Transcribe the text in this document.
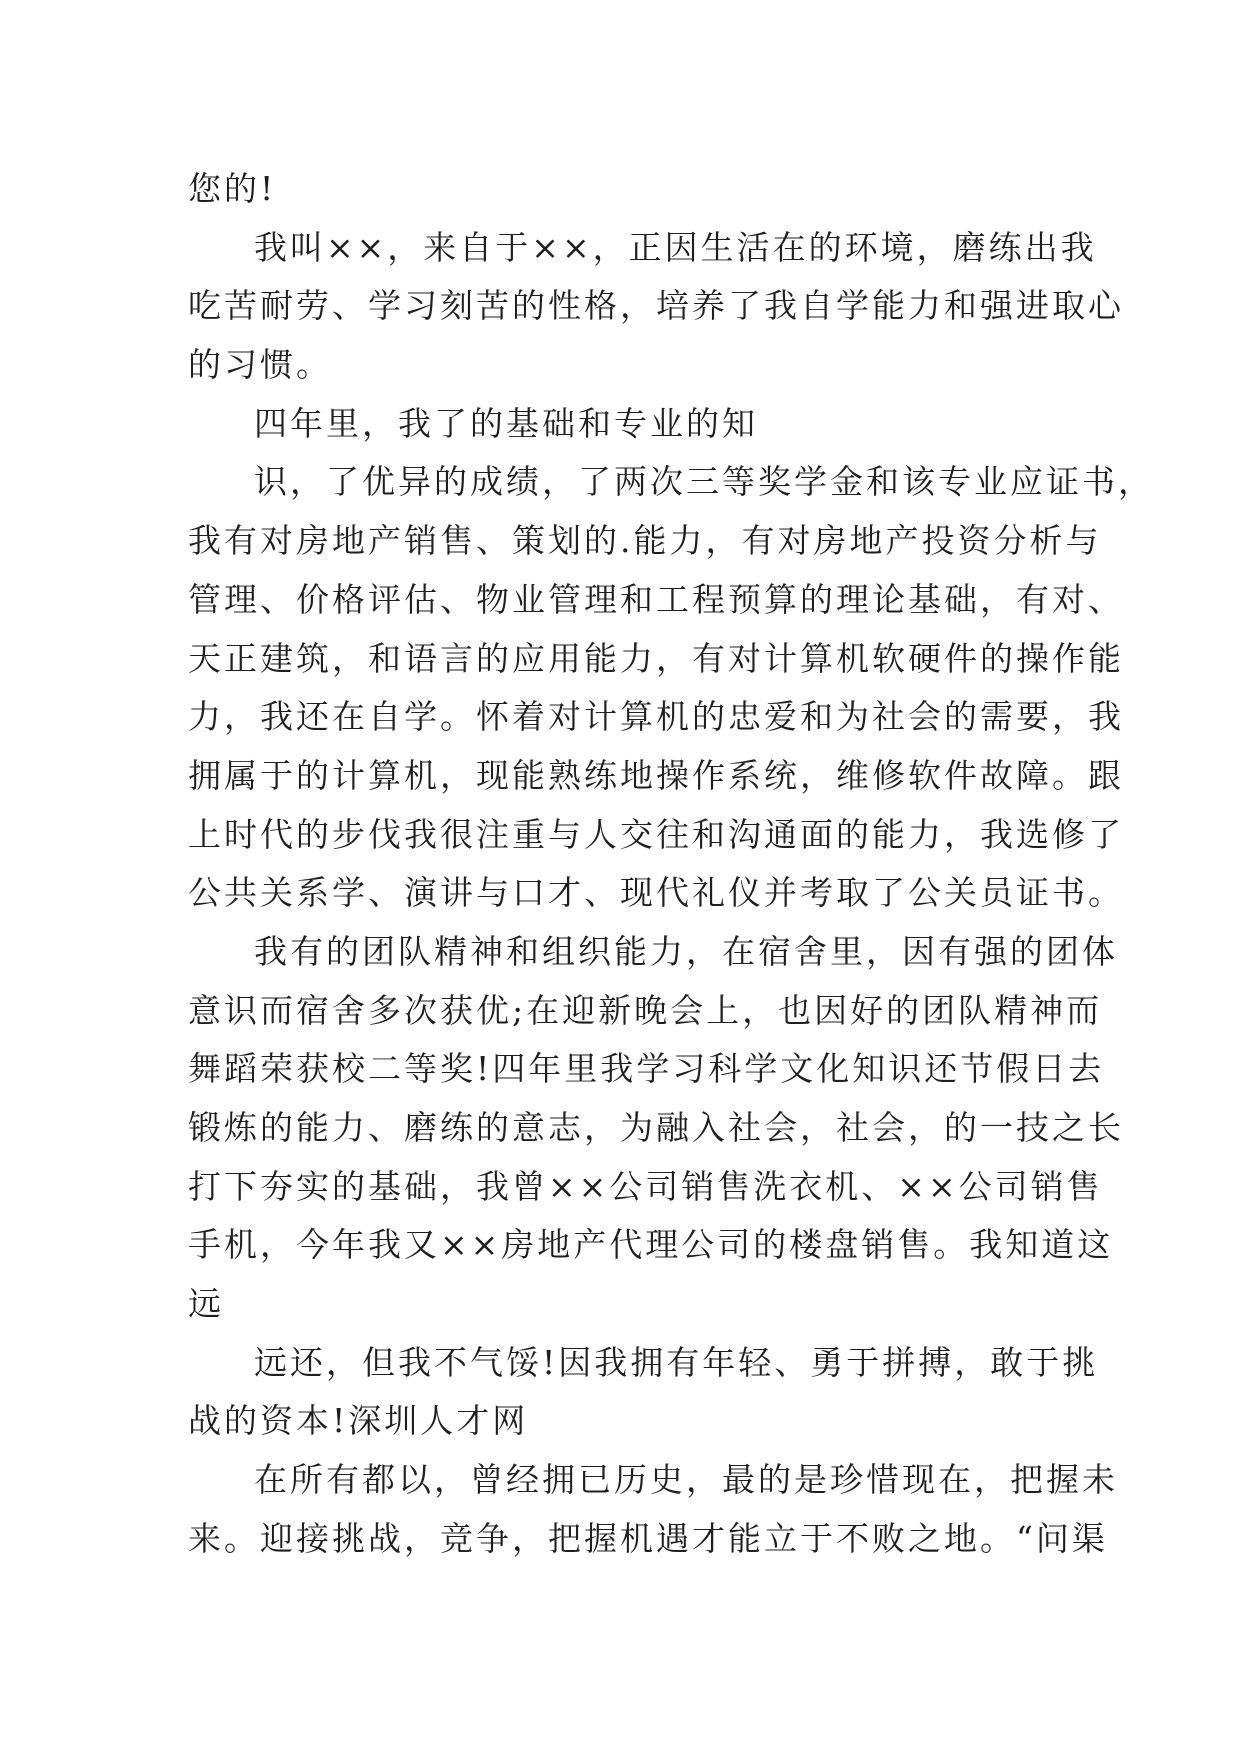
您的!
我叫××，来自于××，正因生活在的环境，磨练出我
吃苦耐劳、学习刻苦的性格，培养了我自学能力和强进取心
的习惯。
四年里，我了的基础和专业的知
识，了优异的成绩，了两次三等奖学金和该专业应证书，
我有对房地产销售、策划的.能力，有对房地产投资分析与
管理、价格评估、物业管理和工程预算的理论基础，有对、
天正建筑，和语言的应用能力，有对计算机软硬件的操作能
力，我还在自学。怀着对计算机的忠爱和为社会的需要，我
拥属于的计算机，现能熟练地操作系统，维修软件故障。跟
上时代的步伐我很注重与人交往和沟通面的能力，我选修了
公共关系学、演讲与口才、现代礼仪并考取了公关员证书。
我有的团队精神和组织能力，在宿舍里，因有强的团体
意识而宿舍多次获优;在迎新晚会上，也因好的团队精神而
舞蹈荣获校二等奖!四年里我学习科学文化知识还节假日去
锻炼的能力、磨练的意志，为融入社会，社会，的一技之长
打下夯实的基础，我曾××公司销售洗衣机、××公司销售
手机，今年我又××房地产代理公司的楼盘销售。我知道这
远
远还，但我不气馁!因我拥有年轻、勇于拼搏，敢于挑
战的资本!深圳人才网
在所有都以，曾经拥已历史，最的是珍惜现在，把握未
来。迎接挑战，竞争，把握机遇才能立于不败之地。“问渠
